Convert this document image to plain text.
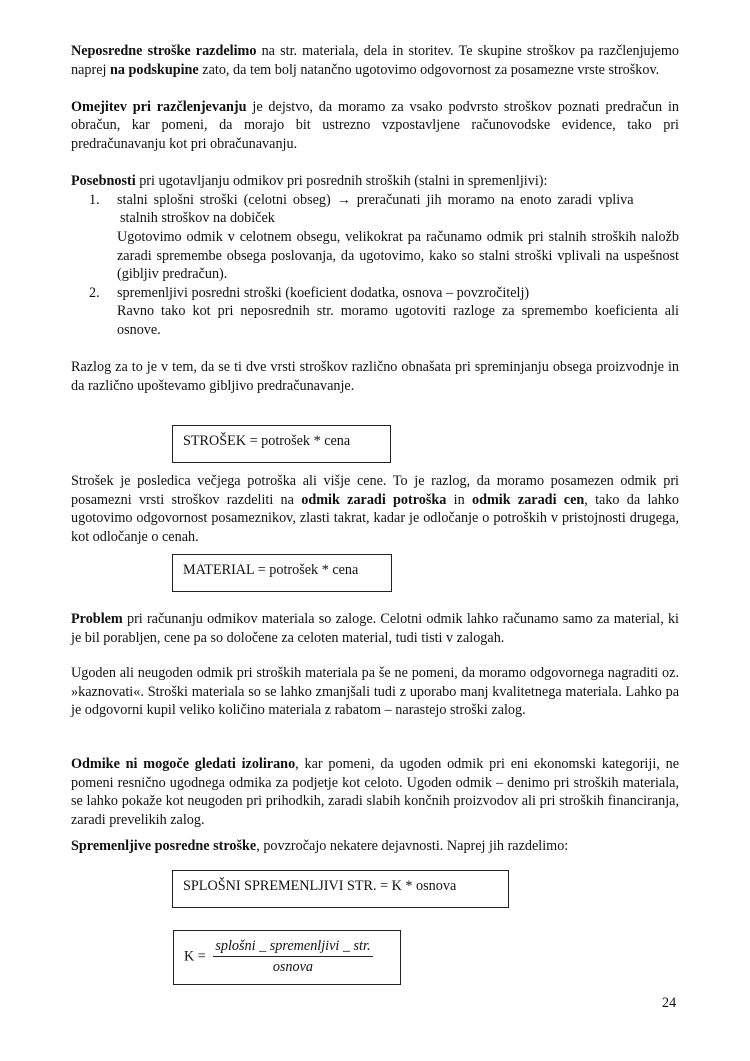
Neposredne stroške razdelimo na str. materiala, dela in storitev. Te skupine stroškov pa razčlenjujemo naprej na podskupine zato, da tem bolj natančno ugotovimo odgovornost za posamezne vrste stroškov.

Omejitev pri razčlenjevanju je dejstvo, da moramo za vsako podvrsto stroškov poznati predračun in obračun, kar pomeni, da morajo bit ustrezno vzpostavljene računovodske evidence, tako pri predračunavanju kot pri obračunavanju.

Posebnosti pri ugotavljanju odmikov pri posrednih stroških (stalni in spremenljivi):

1. stalni splošni stroški (celotni obseg) → preračunati jih moramo na enoto zaradi vpliva
stalnih stroškov na dobiček
Ugotovimo odmik v celotnem obsegu, velikokrat pa računamo odmik pri stalnih stroških naložb zaradi spremembe obsega poslovanja, da ugotovimo, kako so stalni stroški vplivali na uspešnost (gibljiv predračun).
2. spremenljivi posredni stroški (koeficient dodatka, osnova – povzročitelj)
Ravno tako kot pri neposrednih str. moramo ugotoviti razloge za spremembo koeficienta ali osnove.

Razlog za to je v tem, da se ti dve vrsti stroškov različno obnašata pri spreminjanju obsega proizvodnje in da različno upoštevamo gibljivo predračunavanje.

Strošek je posledica večjega potroška ali višje cene. To je razlog, da moramo posamezen odmik pri posamezni vrsti stroškov razdeliti na odmik zaradi potroška in odmik zaradi cen, tako da lahko ugotovimo odgovornost posameznikov, zlasti takrat, kadar je odločanje o potroških v pristojnosti drugega, kot odločanje o cenah.

Problem pri računanju odmikov materiala so zaloge. Celotni odmik lahko računamo samo za material, ki je bil porabljen, cene pa so določene za celoten material, tudi tisti v zalogah.

Ugoden ali neugoden odmik pri stroških materiala pa še ne pomeni, da moramo odgovornega nagraditi oz. »kaznovati«. Stroški materiala so se lahko zmanjšali tudi z uporabo manj kvalitetnega materiala. Lahko pa je odgovorni kupil veliko količino materiala z rabatom – narastejo stroški zalog.

Odmike ni mogoče gledati izolirano, kar pomeni, da ugoden odmik pri eni ekonomski kategoriji, ne pomeni resnično ugodnega odmika za podjetje kot celoto. Ugoden odmik – denimo pri stroških materiala, se lahko pokaže kot neugoden pri prihodkih, zaradi slabih končnih proizvodov ali pri stroških financiranja, zaradi prevelikih zalog.

Spremenljive posredne stroške, povzročajo nekatere dejavnosti. Naprej jih razdelimo:

STROŠEK = potrošek * cena
MATERIAL = potrošek * cena
SPLOŠNI SPREMENLJIVI STR. = K * osnova
$K = \frac{\text{splošni \_ spremenljivi \_ str.}}{\text{osnova}}$
24
